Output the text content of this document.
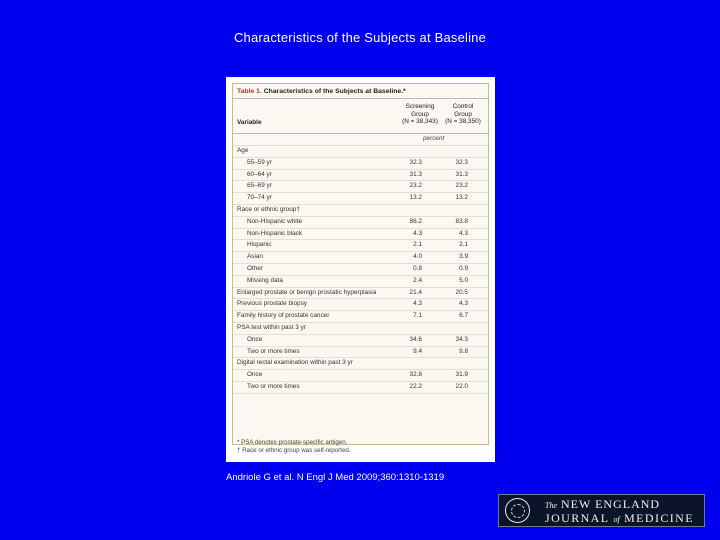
Characteristics of the Subjects at Baseline
Table 1. Characteristics of the Subjects at Baseline.*
Variable
Screening
Group
(N = 38,343)
Control
Group
(N = 38,350)
percent
Age
55–59 yr	32.3	32.3
60–64 yr	31.3	31.3
65–69 yr	23.2	23.2
70–74 yr	13.2	13.2
Race or ethnic group†
Non-Hispanic white	86.2	83.8
Non-Hispanic black	4.3	4.3
Hispanic	2.1	2.1
Asian	4.0	3.9
Other	0.8	0.9
Missing data	2.4	5.0
Enlarged prostate or benign prostatic hyperplasia	21.4	20.5
Previous prostate biopsy	4.3	4.3
Family history of prostate cancer	7.1	6.7
PSA test within past 3 yr
Once	34.6	34.3
Two or more times	9.4	9.8
Digital rectal examination within past 3 yr
Once	32.8	31.9
Two or more times	22.2	22.0
* PSA denotes prostate-specific antigen.
† Race or ethnic group was self-reported.
Andriole G et al. N Engl J Med 2009;360:1310-1319
The NEW ENGLAND
JOURNAL of MEDICINE
